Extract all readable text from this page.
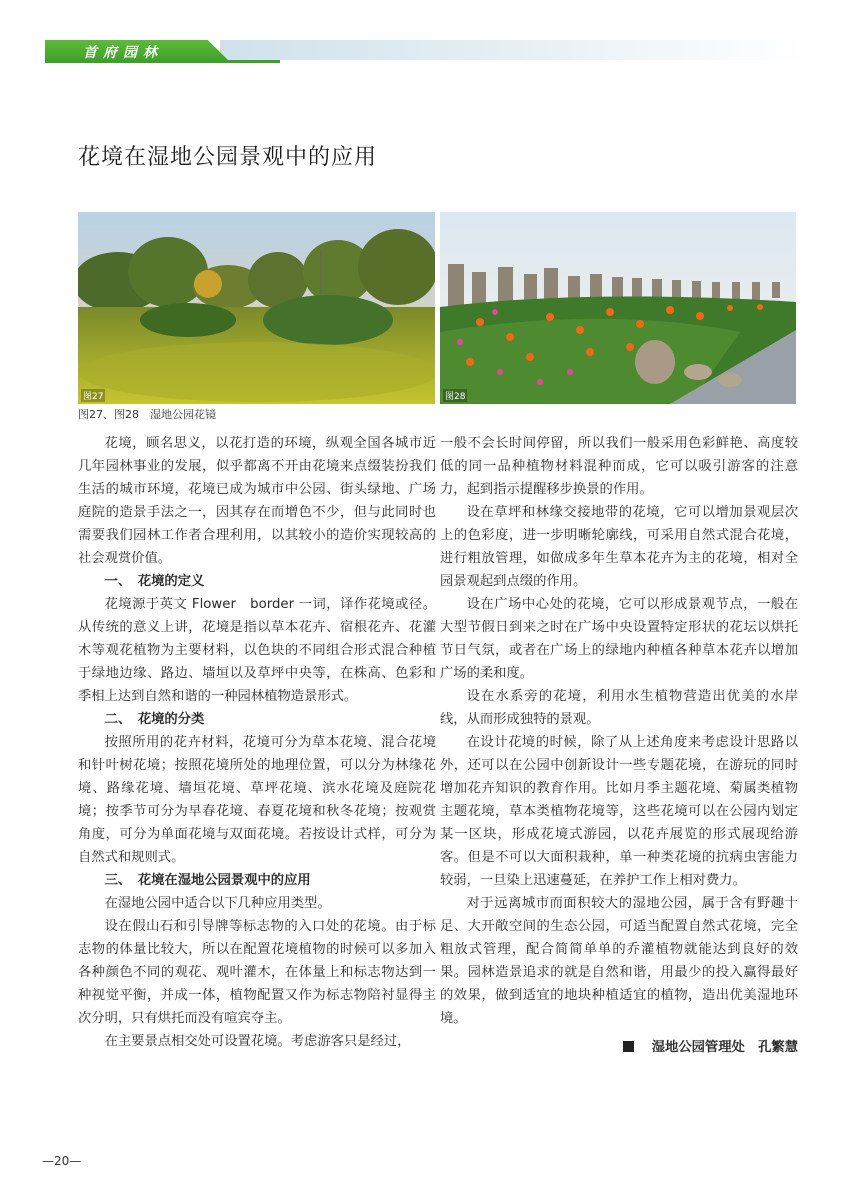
首府园林
花境在湿地公园景观中的应用
图27	图28
图27、图28　湿地公园花镜

花境，顾名思义，以花打造的环境，纵观全国各城市近几年园林事业的发展，似乎都离不开由花境来点缀装扮我们生活的城市环境，花境已成为城市中公园、街头绿地、广场庭院的造景手法之一，因其存在而增色不少，但与此同时也需要我们园林工作者合理利用，以其较小的造价实现较高的社会观赏价值。

一、　花境的定义

花境源于英文 Flower　border 一词，译作花境或径。从传统的意义上讲，花境是指以草本花卉、宿根花卉、花灌木等观花植物为主要材料，以色块的不同组合形式混合种植于绿地边缘、路边、墙垣以及草坪中央等，在株高、色彩和季相上达到自然和谐的一种园林植物造景形式。

二、　花境的分类

按照所用的花卉材料，花境可分为草本花境、混合花境和针叶树花境；按照花境所处的地理位置，可以分为林缘花境、路缘花境、墙垣花境、草坪花境、滨水花境及庭院花境；按季节可分为早春花境、春夏花境和秋冬花境；按观赏角度，可分为单面花境与双面花境。若按设计式样，可分为自然式和规则式。

三、　花境在湿地公园景观中的应用

在湿地公园中适合以下几种应用类型。

设在假山石和引导牌等标志物的入口处的花境。由于标志物的体量比较大，所以在配置花境植物的时候可以多加入各种颜色不同的观花、观叶灌木，在体量上和标志物达到一种视觉平衡，并成一体，植物配置又作为标志物陪衬显得主次分明，只有烘托而没有喧宾夺主。

在主要景点相交处可设置花境。考虑游客只是经过，

一般不会长时间停留，所以我们一般采用色彩鲜艳、高度较低的同一品种植物材料混种而成，它可以吸引游客的注意力，起到指示提醒移步换景的作用。

设在草坪和林缘交接地带的花境，它可以增加景观层次上的色彩度，进一步明晰轮廓线，可采用自然式混合花境，进行粗放管理，如做成多年生草本花卉为主的花境，相对全园景观起到点缀的作用。

设在广场中心处的花境，它可以形成景观节点，一般在大型节假日到来之时在广场中央设置特定形状的花坛以烘托节日气氛，或者在广场上的绿地内种植各种草本花卉以增加广场的柔和度。

设在水系旁的花境，利用水生植物营造出优美的水岸线，从而形成独特的景观。

在设计花境的时候，除了从上述角度来考虑设计思路以外，还可以在公园中创新设计一些专题花境，在游玩的同时增加花卉知识的教育作用。比如月季主题花境、菊属类植物主题花境，草本类植物花境等，这些花境可以在公园内划定某一区块，形成花境式游园，以花卉展览的形式展现给游客。但是不可以大面积栽种，单一种类花境的抗病虫害能力较弱，一旦染上迅速蔓延，在养护工作上相对费力。

对于远离城市而面积较大的湿地公园，属于含有野趣十足、大开敞空间的生态公园，可适当配置自然式花境，完全粗放式管理，配合简简单单的乔灌植物就能达到良好的效果。园林造景追求的就是自然和谐，用最少的投入赢得最好的效果，做到适宜的地块种植适宜的植物，造出优美湿地环境。

湿地公园管理处　孔繁慧
—20—
